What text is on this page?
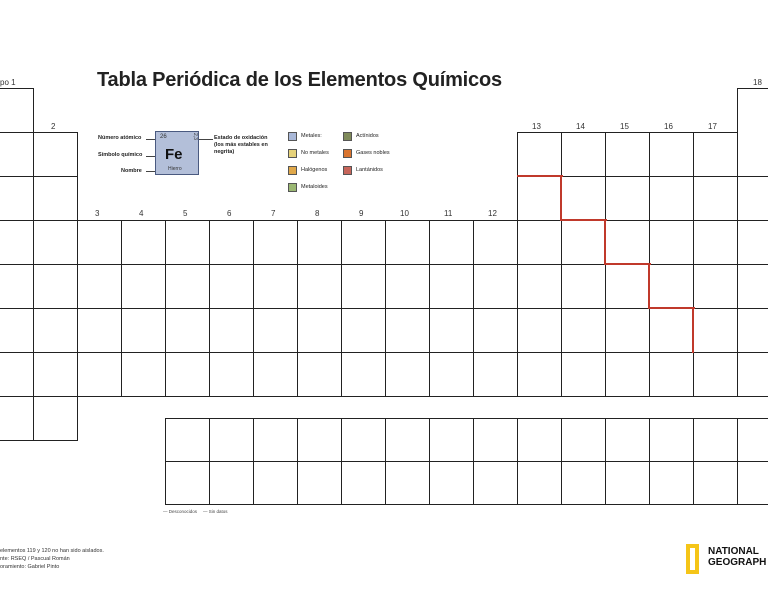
Tabla Periódica de los Elementos Químicos
po 1
2
3	4	5	6	7	8	9	10	11	12
13	14	15	16	17
18
Número atómico
Símbolo químico
Nombre
26	2,3
Fe
Hierro
Estado de oxidación
(los más estables en
negrita)
Metales:
No metales
Halógenos
Metaloides
Actínidos
Gases nobles
Lantánidos
— Desconocidos — Sin datos
elementos 119 y 120 no han sido aislados.
nte: RSEQ / Pascual Román
oramiento: Gabriel Pinto
NATIONAL
GEOGRAPH
